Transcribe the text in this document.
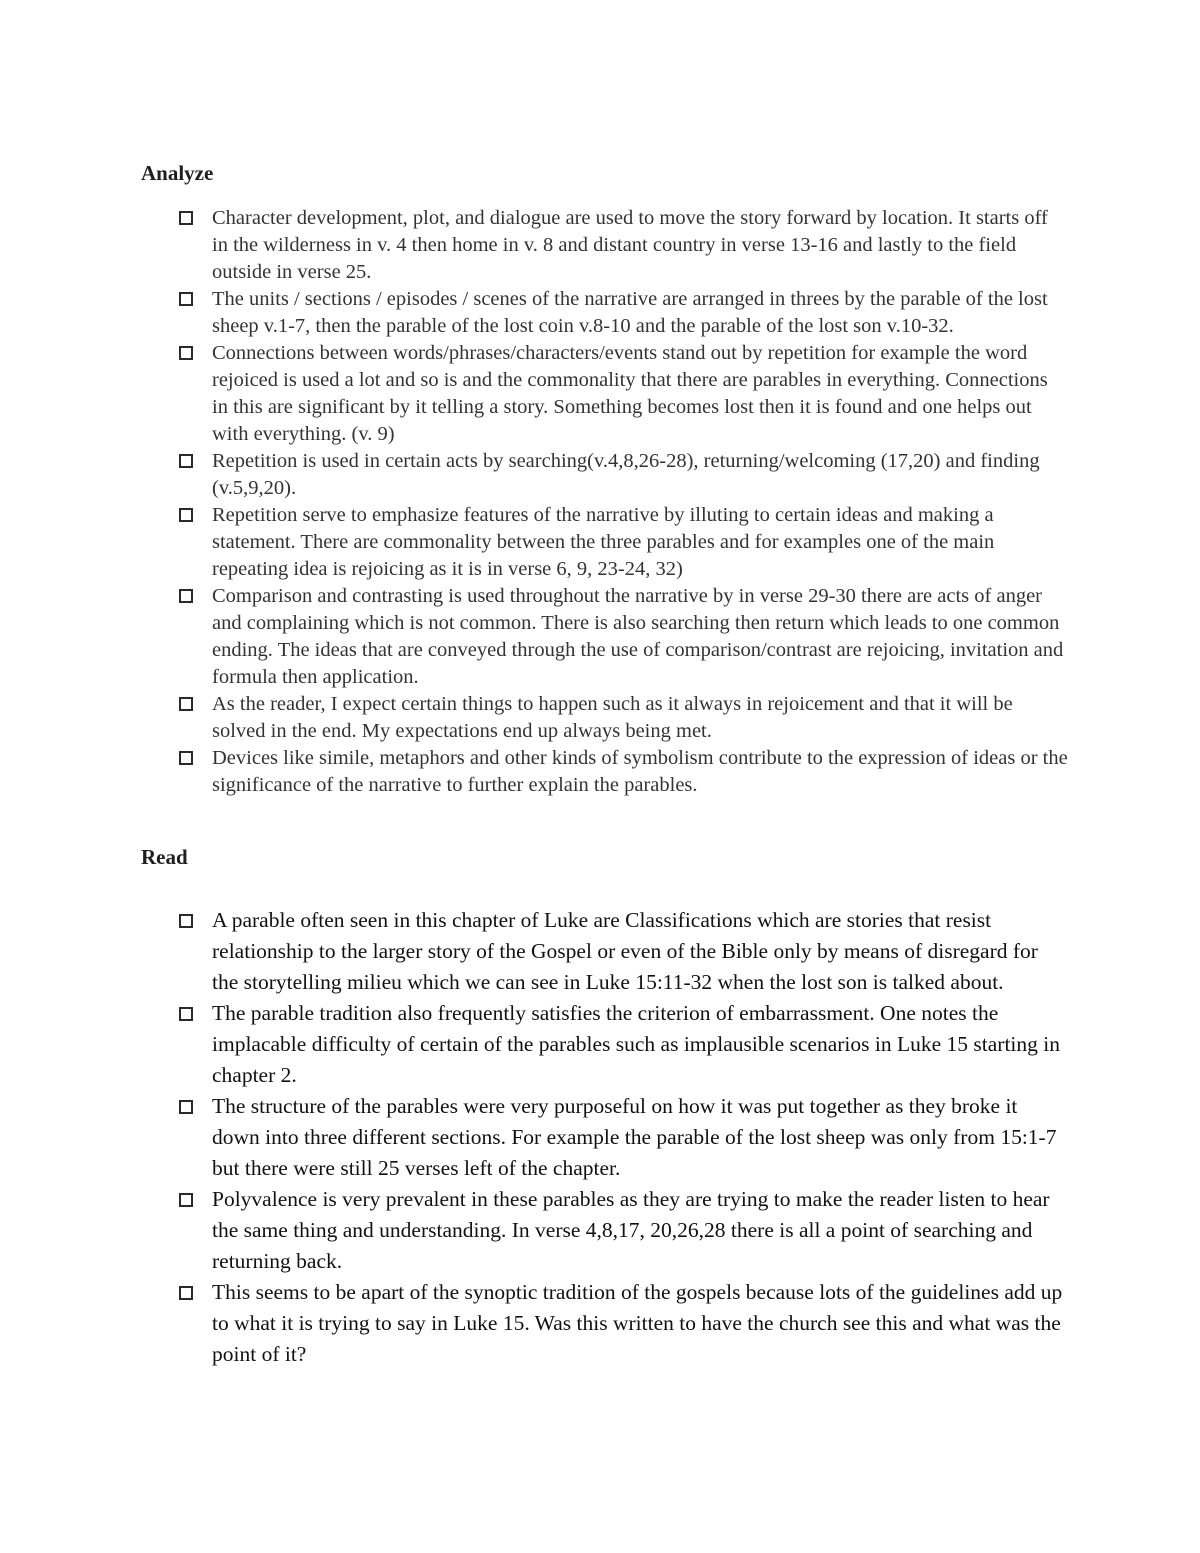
Analyze
Character development, plot, and dialogue are used to move the story forward by location. It starts off in the wilderness in v. 4 then home in v. 8 and distant country in verse 13-16 and lastly to the field outside in verse 25.
The units / sections / episodes / scenes of the narrative are arranged in threes by the parable of the lost sheep v.1-7, then the parable of the lost coin v.8-10 and the parable of the lost son v.10-32.
Connections between words/phrases/characters/events stand out by repetition for example the word rejoiced is used a lot and so is and the commonality that there are parables in everything. Connections in this are significant by it telling a story. Something becomes lost then it is found and one helps out with everything. (v. 9)
Repetition is used in certain acts by searching(v.4,8,26-28), returning/welcoming (17,20) and finding (v.5,9,20).
Repetition serve to emphasize features of the narrative by illuting to certain ideas and making a statement. There are commonality between the three parables and for examples one of the main repeating idea is rejoicing as it is in verse 6, 9, 23-24, 32)
Comparison and contrasting is used throughout the narrative by in verse 29-30 there are acts of anger and complaining which is not common. There is also searching then return which leads to one common ending. The ideas that are conveyed through the use of comparison/contrast are rejoicing, invitation and formula then application.
As the reader, I expect certain things to happen such as it always in rejoicement and that it will be solved in the end. My expectations end up always being met.
Devices like simile, metaphors and other kinds of symbolism contribute to the expression of ideas or the significance of the narrative to further explain the parables.
Read
A parable often seen in this chapter of Luke are Classifications which are stories that resist relationship to the larger story of the Gospel or even of the Bible only by means of disregard for the storytelling milieu which we can see in Luke 15:11-32 when the lost son is talked about.
The parable tradition also frequently satisfies the criterion of embarrassment. One notes the implacable difficulty of certain of the parables such as implausible scenarios in Luke 15 starting in chapter 2.
The structure of the parables were very purposeful on how it was put together as they broke it down into three different sections. For example the parable of the lost sheep was only from 15:1-7 but there were still 25 verses left of the chapter.
Polyvalence is very prevalent in these parables as they are trying to make the reader listen to hear the same thing and understanding. In verse 4,8,17, 20,26,28 there is all a point of searching and returning back.
This seems to be apart of the synoptic tradition of the gospels because lots of the guidelines add up to what it is trying to say in Luke 15. Was this written to have the church see this and what was the point of it?
